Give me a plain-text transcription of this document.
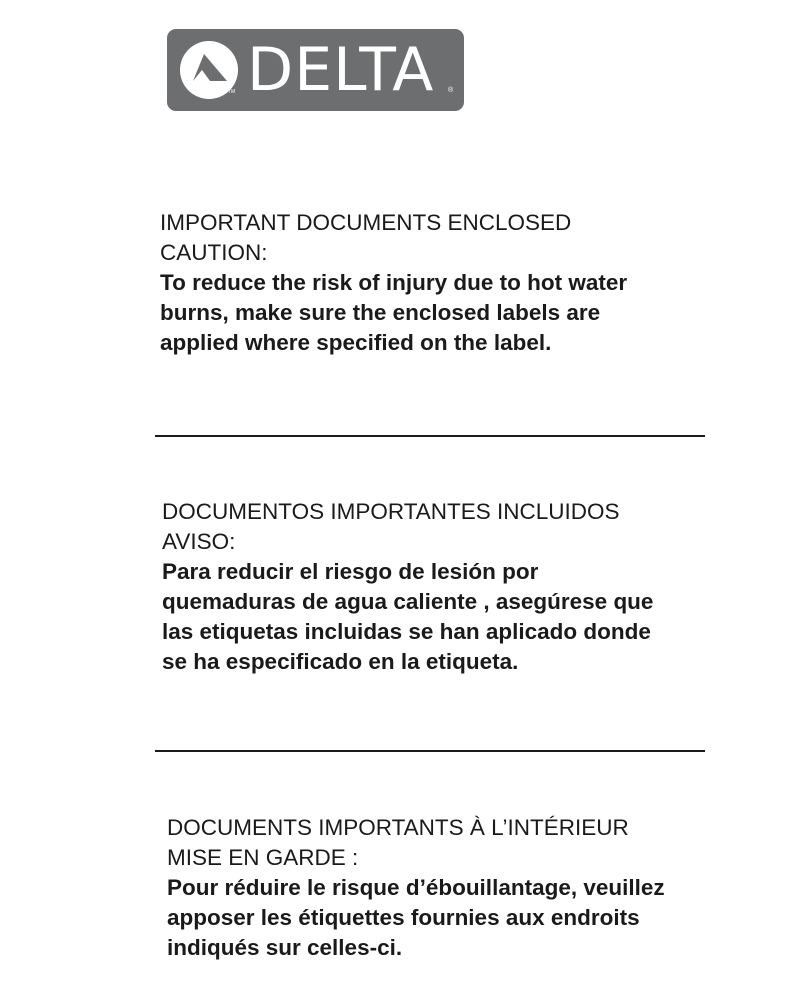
TM DELTA ®

IMPORTANT DOCUMENTS ENCLOSED

CAUTION:

To reduce the risk of injury due to hot water

burns, make sure the enclosed labels are

applied where specified on the label.

DOCUMENTOS IMPORTANTES INCLUIDOS

AVISO:

Para reducir el riesgo de lesión por

quemaduras de agua caliente , asegúrese que

las etiquetas incluidas se han aplicado donde

se ha especificado en la etiqueta.

DOCUMENTS IMPORTANTS À L’INTÉRIEUR

MISE EN GARDE :

Pour réduire le risque d’ébouillantage, veuillez

apposer les étiquettes fournies aux endroits

indiqués sur celles-ci.
